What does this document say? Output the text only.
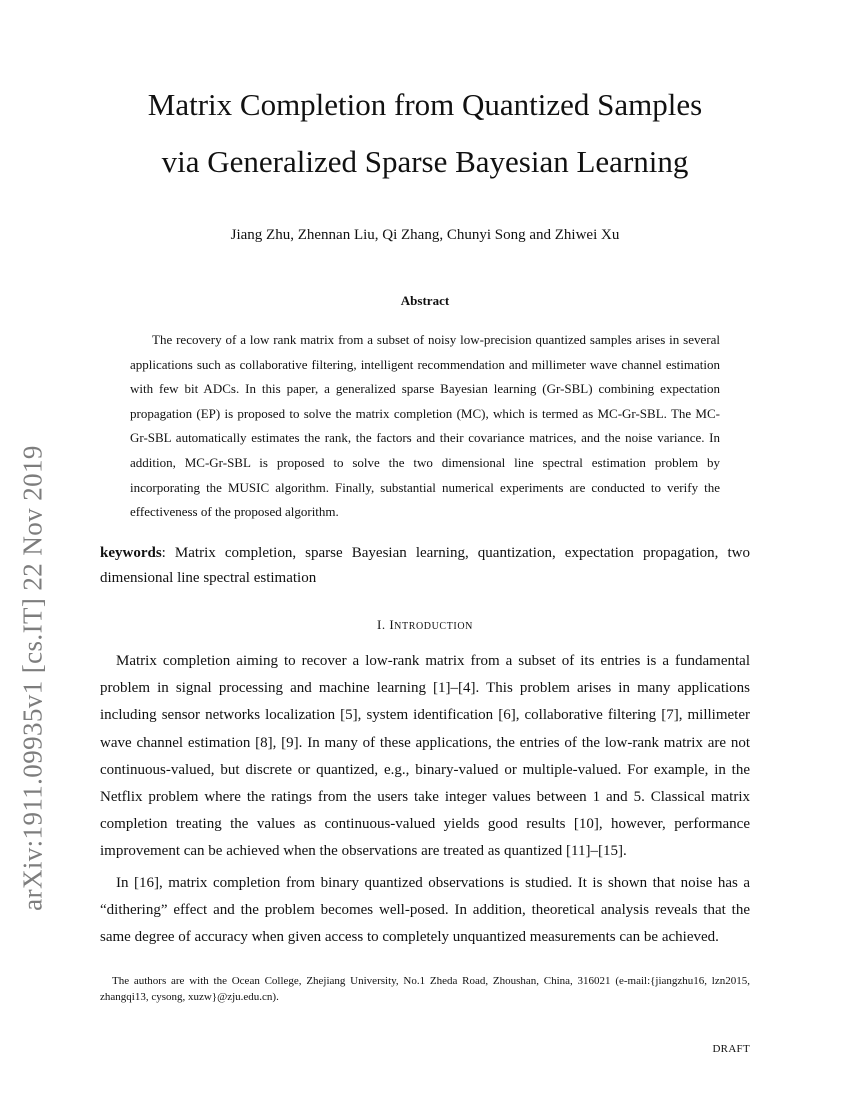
arXiv:1911.09935v1 [cs.IT] 22 Nov 2019
Matrix Completion from Quantized Samples
via Generalized Sparse Bayesian Learning
Jiang Zhu, Zhennan Liu, Qi Zhang, Chunyi Song and Zhiwei Xu
Abstract

The recovery of a low rank matrix from a subset of noisy low-precision quantized samples arises in several applications such as collaborative filtering, intelligent recommendation and millimeter wave channel estimation with few bit ADCs. In this paper, a generalized sparse Bayesian learning (Gr-SBL) combining expectation propagation (EP) is proposed to solve the matrix completion (MC), which is termed as MC-Gr-SBL. The MC-Gr-SBL automatically estimates the rank, the factors and their covariance matrices, and the noise variance. In addition, MC-Gr-SBL is proposed to solve the two dimensional line spectral estimation problem by incorporating the MUSIC algorithm. Finally, substantial numerical experiments are conducted to verify the effectiveness of the proposed algorithm.

keywords: Matrix completion, sparse Bayesian learning, quantization, expectation propagation, two dimensional line spectral estimation

I. INTRODUCTION

Matrix completion aiming to recover a low-rank matrix from a subset of its entries is a fundamental problem in signal processing and machine learning [1]–[4]. This problem arises in many applications including sensor networks localization [5], system identification [6], collaborative filtering [7], millimeter wave channel estimation [8], [9]. In many of these applications, the entries of the low-rank matrix are not continuous-valued, but discrete or quantized, e.g., binary-valued or multiple-valued. For example, in the Netflix problem where the ratings from the users take integer values between 1 and 5. Classical matrix completion treating the values as continuous-valued yields good results [10], however, performance improvement can be achieved when the observations are treated as quantized [11]–[15].

In [16], matrix completion from binary quantized observations is studied. It is shown that noise has a “dithering” effect and the problem becomes well-posed. In addition, theoretical analysis reveals that the same degree of accuracy when given access to completely unquantized measurements can be achieved.

The authors are with the Ocean College, Zhejiang University, No.1 Zheda Road, Zhoushan, China, 316021 (e-mail:{jiangzhu16, lzn2015, zhangqi13, cysong, xuzw}@zju.edu.cn).

DRAFT
